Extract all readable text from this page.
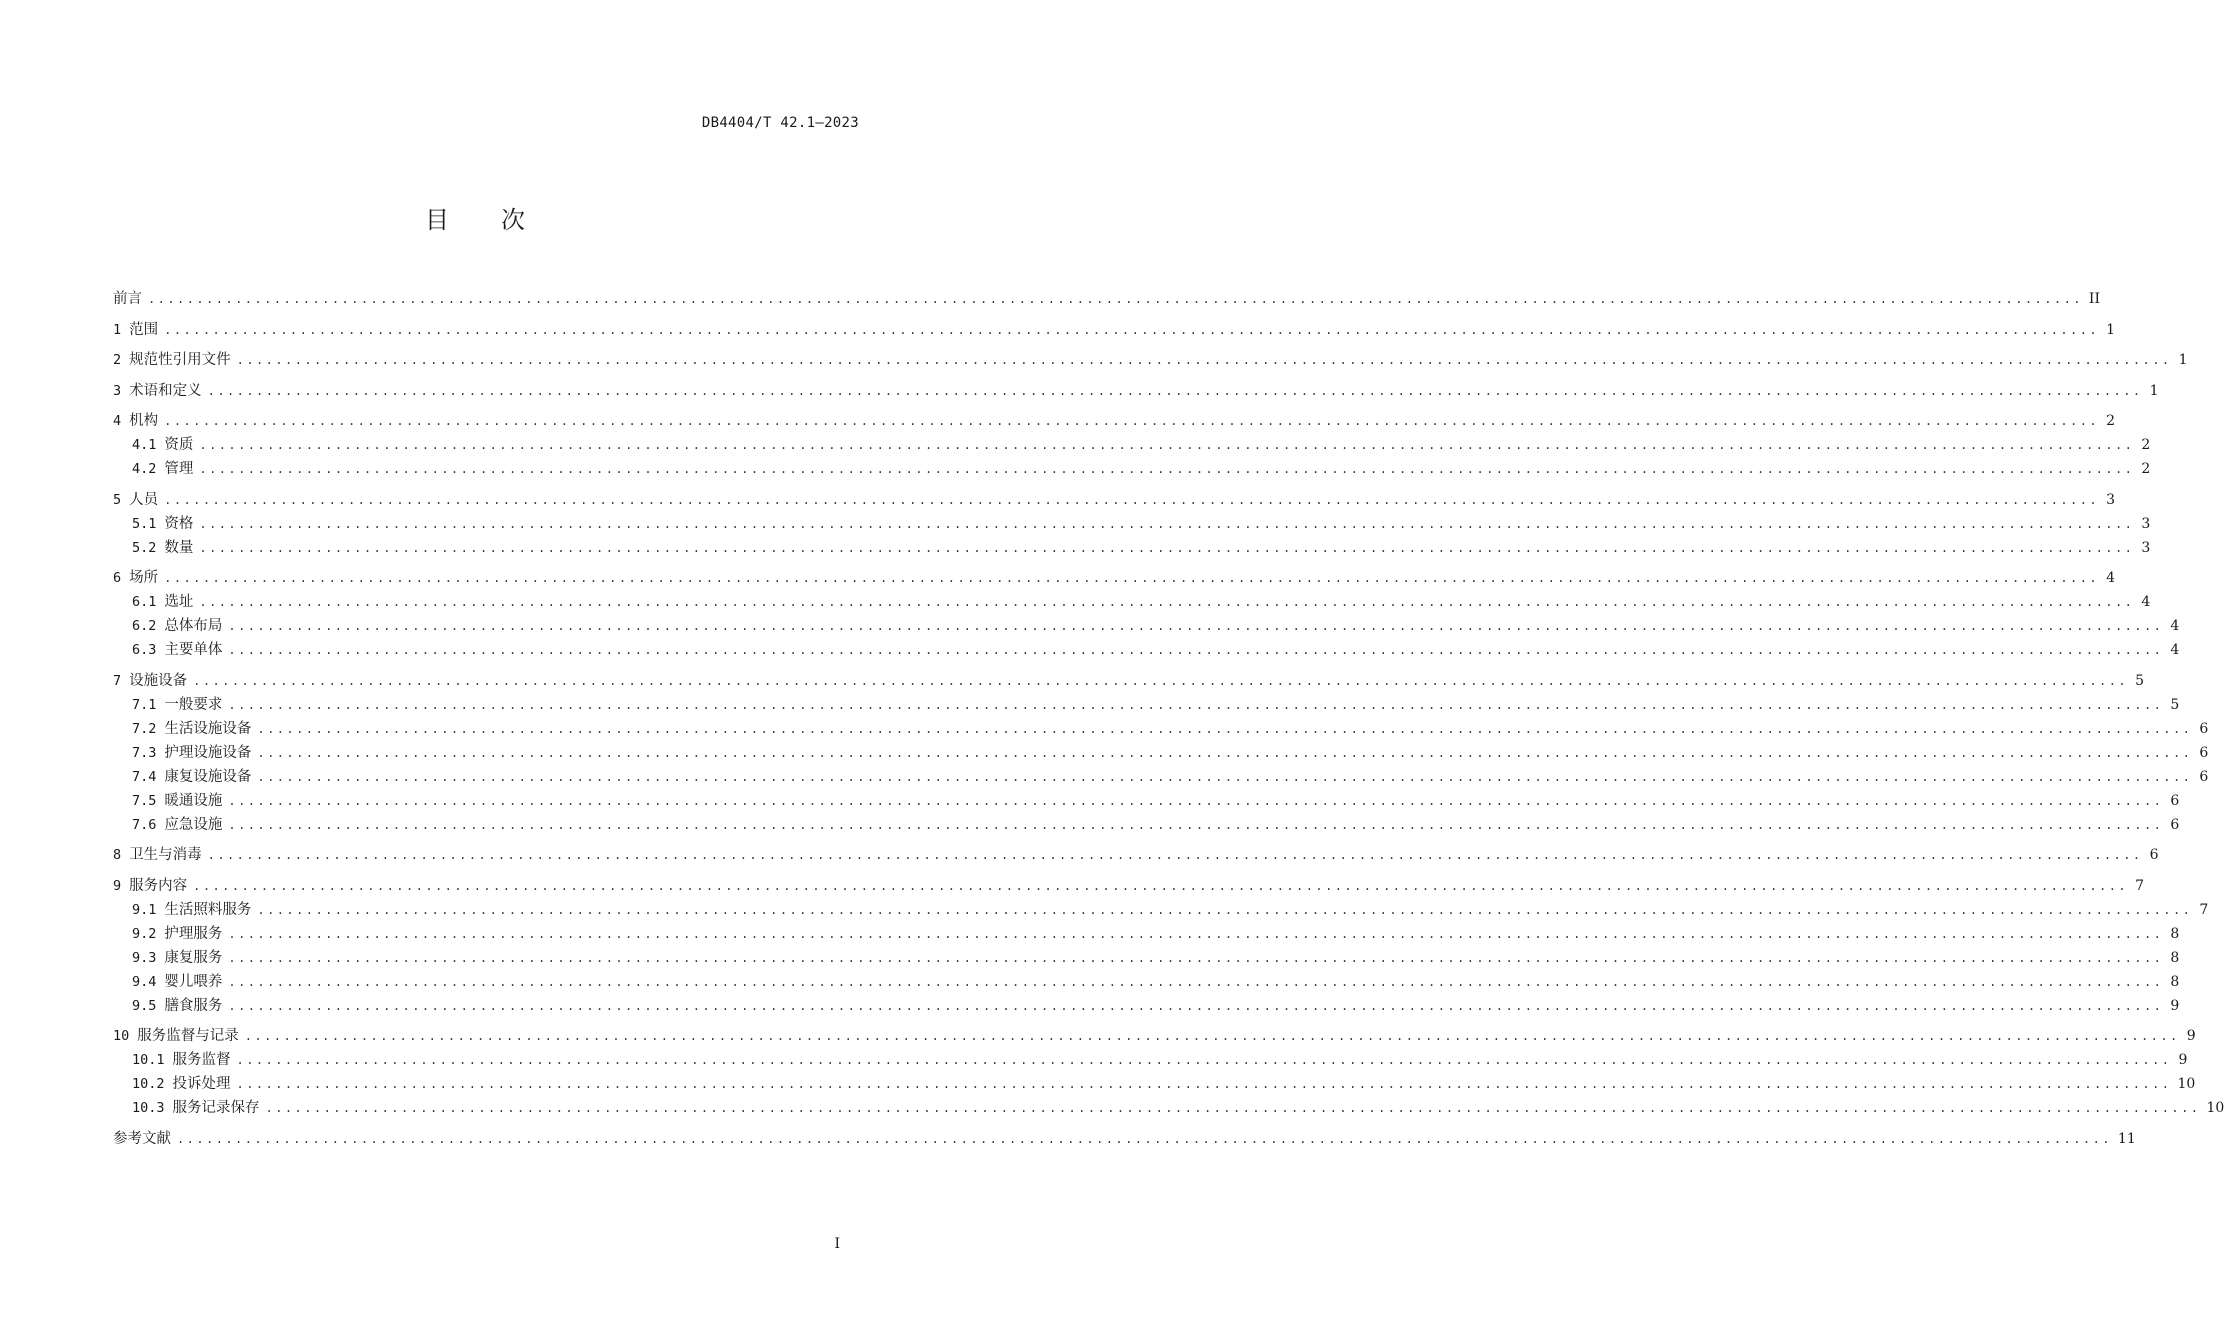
DB4404/T 42.1—2023
目 次
前言 ........................................................................................................................................................................................................ II
1 范围 ........................................................................................................................................................................................................ 1
2 规范性引用文件 ........................................................................................................................................................................................................ 1
3 术语和定义 ........................................................................................................................................................................................................ 1
4 机构 ........................................................................................................................................................................................................ 2
4.1 资质 ........................................................................................................................................................................................................ 2
4.2 管理 ........................................................................................................................................................................................................ 2
5 人员 ........................................................................................................................................................................................................ 3
5.1 资格 ........................................................................................................................................................................................................ 3
5.2 数量 ........................................................................................................................................................................................................ 3
6 场所 ........................................................................................................................................................................................................ 4
6.1 选址 ........................................................................................................................................................................................................ 4
6.2 总体布局 ........................................................................................................................................................................................................ 4
6.3 主要单体 ........................................................................................................................................................................................................ 4
7 设施设备 ........................................................................................................................................................................................................ 5
7.1 一般要求 ........................................................................................................................................................................................................ 5
7.2 生活设施设备 ........................................................................................................................................................................................................ 6
7.3 护理设施设备 ........................................................................................................................................................................................................ 6
7.4 康复设施设备 ........................................................................................................................................................................................................ 6
7.5 暖通设施 ........................................................................................................................................................................................................ 6
7.6 应急设施 ........................................................................................................................................................................................................ 6
8 卫生与消毒 ........................................................................................................................................................................................................ 6
9 服务内容 ........................................................................................................................................................................................................ 7
9.1 生活照料服务 ........................................................................................................................................................................................................ 7
9.2 护理服务 ........................................................................................................................................................................................................ 8
9.3 康复服务 ........................................................................................................................................................................................................ 8
9.4 婴儿喂养 ........................................................................................................................................................................................................ 8
9.5 膳食服务 ........................................................................................................................................................................................................ 9
10 服务监督与记录 ........................................................................................................................................................................................................ 9
10.1 服务监督 ........................................................................................................................................................................................................ 9
10.2 投诉处理 ........................................................................................................................................................................................................ 10
10.3 服务记录保存 ........................................................................................................................................................................................................ 10
参考文献 ........................................................................................................................................................................................................ 11
I
